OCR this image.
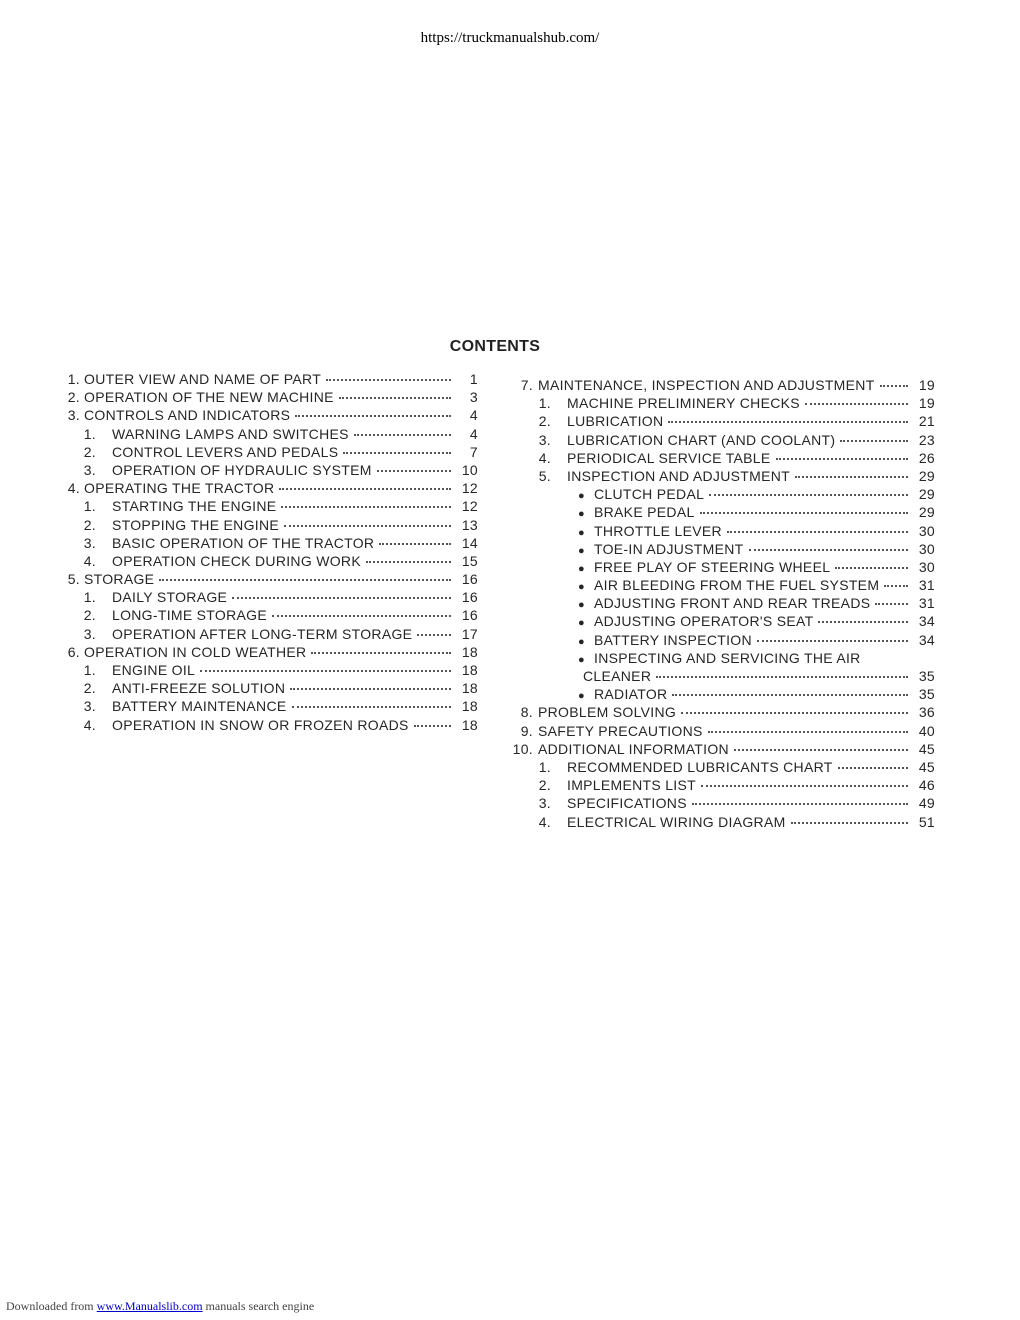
https://truckmanualshub.com/
CONTENTS
1. OUTER VIEW AND NAME OF PART	1
2. OPERATION OF THE NEW MACHINE	3
3. CONTROLS AND INDICATORS	4
1.	WARNING LAMPS AND SWITCHES	4
2.	CONTROL LEVERS AND PEDALS	7
3.	OPERATION OF HYDRAULIC SYSTEM	10
4. OPERATING THE TRACTOR	12
1.	STARTING THE ENGINE	12
2.	STOPPING THE ENGINE	13
3.	BASIC OPERATION OF THE TRACTOR	14
4.	OPERATION CHECK DURING WORK	15
5. STORAGE	16
1.	DAILY STORAGE	16
2.	LONG-TIME STORAGE	16
3.	OPERATION AFTER LONG-TERM STORAGE	17
6. OPERATION IN COLD WEATHER	18
1.	ENGINE OIL	18
2.	ANTI-FREEZE SOLUTION	18
3.	BATTERY MAINTENANCE	18
4.	OPERATION IN SNOW OR FROZEN ROADS	18
7. MAINTENANCE, INSPECTION AND ADJUSTMENT	19
1.	MACHINE PRELIMINERY CHECKS	19
2.	LUBRICATION	21
3.	LUBRICATION CHART (AND COOLANT)	23
4.	PERIODICAL SERVICE TABLE	26
5.	INSPECTION AND ADJUSTMENT	29
● CLUTCH PEDAL	29
● BRAKE PEDAL	29
● THROTTLE LEVER	30
● TOE-IN ADJUSTMENT	30
● FREE PLAY OF STEERING WHEEL	30
● AIR BLEEDING FROM THE FUEL SYSTEM	31
● ADJUSTING FRONT AND REAR TREADS	31
● ADJUSTING OPERATOR'S SEAT	34
● BATTERY INSPECTION	34
● INSPECTING AND SERVICING THE AIR
CLEANER	35
● RADIATOR	35
8. PROBLEM SOLVING	36
9. SAFETY PRECAUTIONS	40
10. ADDITIONAL INFORMATION	45
1.	RECOMMENDED LUBRICANTS CHART	45
2.	IMPLEMENTS LIST	46
3.	SPECIFICATIONS	49
4.	ELECTRICAL WIRING DIAGRAM	51
Downloaded from www.Manualslib.com manuals search engine
